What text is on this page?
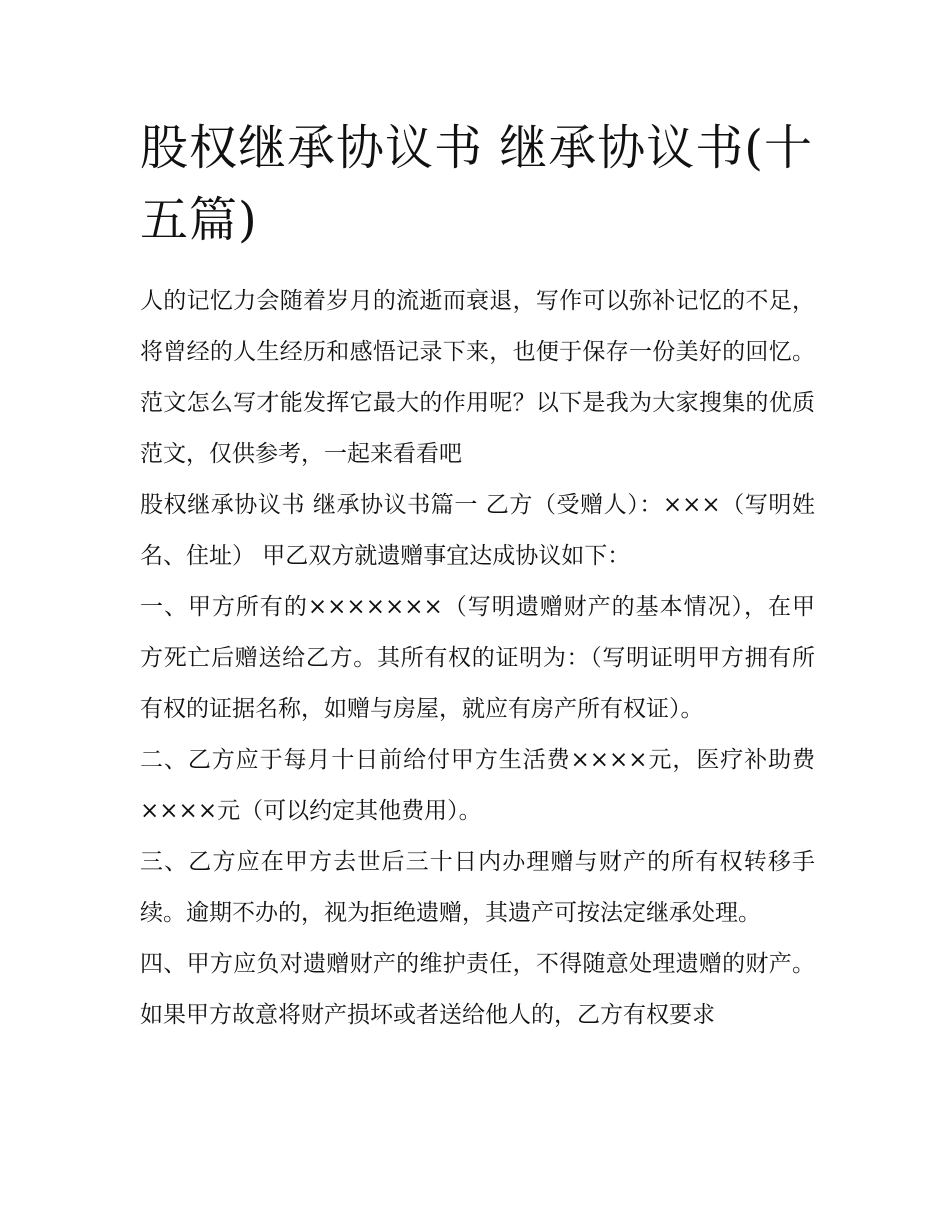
股权继承协议书 继承协议书(十五篇)

人的记忆力会随着岁月的流逝而衰退，写作可以弥补记忆的不足，将曾经的人生经历和感悟记录下来，也便于保存一份美好的回忆。范文怎么写才能发挥它最大的作用呢？以下是我为大家搜集的优质范文，仅供参考，一起来看看吧

股权继承协议书 继承协议书篇一 乙方（受赠人）：×××（写明姓名、住址） 甲乙双方就遗赠事宜达成协议如下：

一、甲方所有的×××××××（写明遗赠财产的基本情况），在甲方死亡后赠送给乙方。其所有权的证明为：（写明证明甲方拥有所有权的证据名称，如赠与房屋，就应有房产所有权证）。

二、乙方应于每月十日前给付甲方生活费××××元，医疗补助费××××元（可以约定其他费用）。

三、乙方应在甲方去世后三十日内办理赠与财产的所有权转移手续。逾期不办的，视为拒绝遗赠，其遗产可按法定继承处理。

四、甲方应负对遗赠财产的维护责任，不得随意处理遗赠的财产。如果甲方故意将财产损坏或者送给他人的，乙方有权要求
